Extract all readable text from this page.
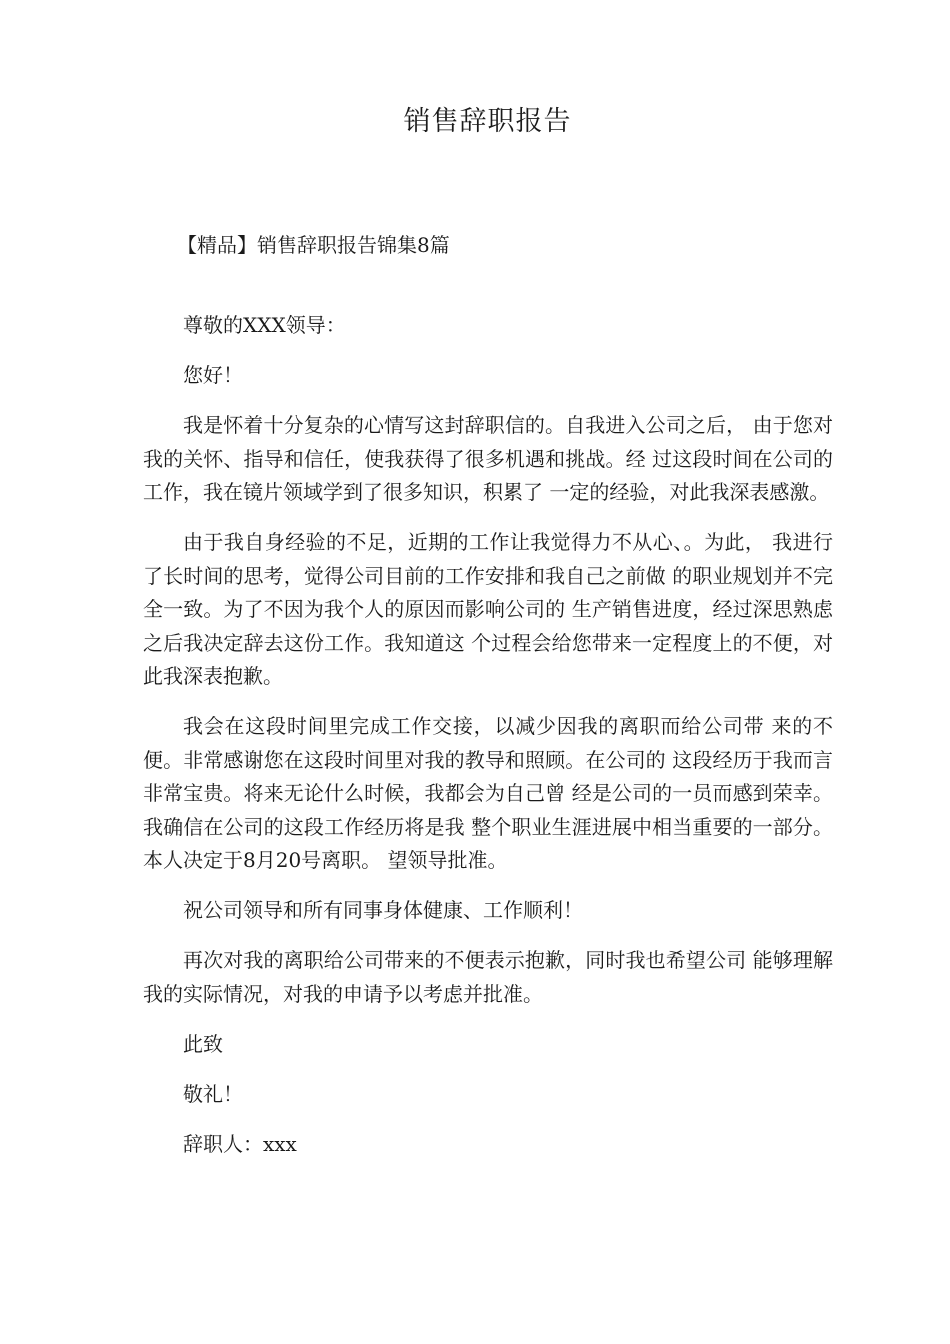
销售辞职报告
【精品】销售辞职报告锦集8篇

尊敬的XXX领导：

您好！

我是怀着十分复杂的心情写这封辞职信的。自我进入公司之后， 由于您对我的关怀、指导和信任，使我获得了很多机遇和挑战。经 过这段时间在公司的工作，我在镜片领域学到了很多知识，积累了 一定的经验，对此我深表感激。

由于我自身经验的不足，近期的工作让我觉得力不从心、。为此， 我进行了长时间的思考，觉得公司目前的工作安排和我自己之前做 的职业规划并不完全一致。为了不因为我个人的原因而影响公司的 生产销售进度，经过深思熟虑之后我决定辞去这份工作。我知道这 个过程会给您带来一定程度上的不便，对此我深表抱歉。

我会在这段时间里完成工作交接，以减少因我的离职而给公司带 来的不便。非常感谢您在这段时间里对我的教导和照顾。在公司的 这段经历于我而言非常宝贵。将来无论什么时候，我都会为自己曾 经是公司的一员而感到荣幸。我确信在公司的这段工作经历将是我 整个职业生涯进展中相当重要的一部分。本人决定于8月20号离职。 望领导批准。

祝公司领导和所有同事身体健康、工作顺利！

再次对我的离职给公司带来的不便表示抱歉，同时我也希望公司 能够理解我的实际情况，对我的申请予以考虑并批准。

此致

敬礼！

辞职人：xxx
